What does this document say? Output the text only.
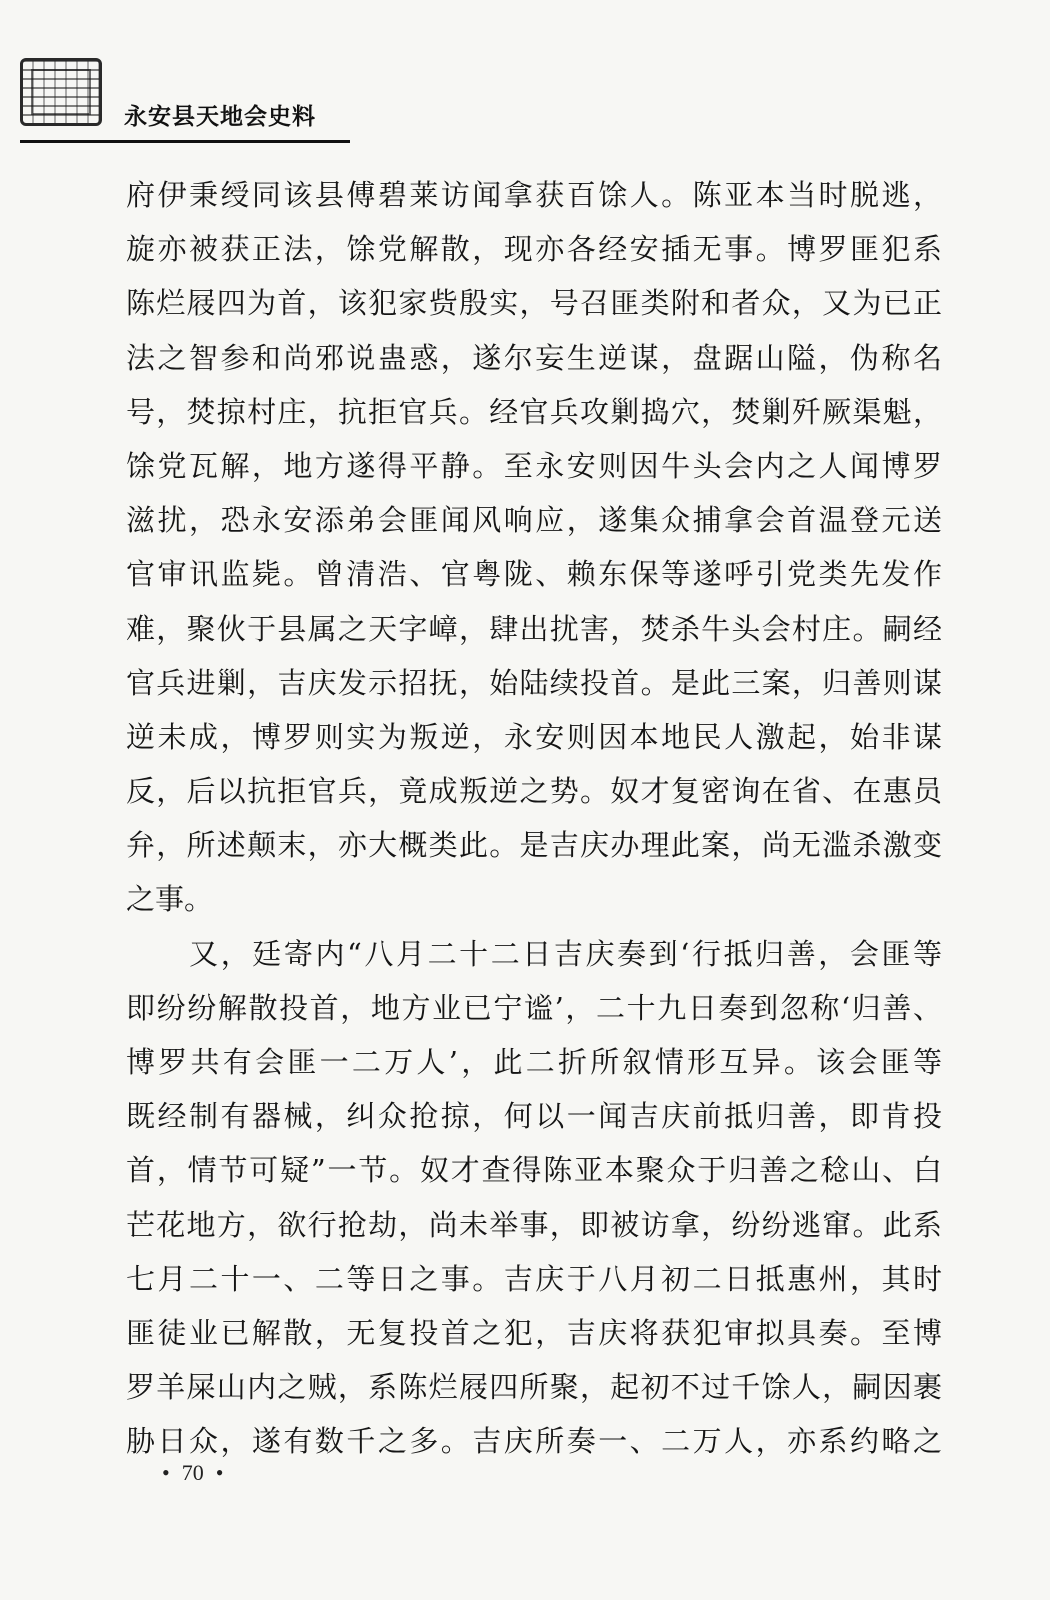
永安县天地会史料
府伊秉绶同该县傅碧莱访闻拿获百馀人。陈亚本当时脱逃，
旋亦被获正法，馀党解散，现亦各经安插无事。博罗匪犯系
陈烂屐四为首，该犯家赀殷实，号召匪类附和者众，又为已正
法之智参和尚邪说蛊惑，遂尔妄生逆谋，盘踞山隘，伪称名
号，焚掠村庄，抗拒官兵。经官兵攻剿捣穴，焚剿歼厥渠魁，
馀党瓦解，地方遂得平静。至永安则因牛头会内之人闻博罗
滋扰，恐永安添弟会匪闻风响应，遂集众捕拿会首温登元送
官审讯监毙。曾清浩、官粤陇、赖东保等遂呼引党类先发作
难，聚伙于县属之天字嶂，肆出扰害，焚杀牛头会村庄。嗣经
官兵进剿，吉庆发示招抚，始陆续投首。是此三案，归善则谋
逆未成，博罗则实为叛逆，永安则因本地民人激起，始非谋
反，后以抗拒官兵，竟成叛逆之势。奴才复密询在省、在惠员
弁，所述颠末，亦大概类此。是吉庆办理此案，尚无滥杀激变
之事。
　　又，廷寄内“八月二十二日吉庆奏到‘行抵归善，会匪等
即纷纷解散投首，地方业已宁谧’，二十九日奏到忽称‘归善、
博罗共有会匪一二万人’，此二折所叙情形互异。该会匪等
既经制有器械，纠众抢掠，何以一闻吉庆前抵归善，即肯投
首，情节可疑”一节。奴才查得陈亚本聚众于归善之稔山、白
芒花地方，欲行抢劫，尚未举事，即被访拿，纷纷逃窜。此系
七月二十一、二等日之事。吉庆于八月初二日抵惠州，其时
匪徒业已解散，无复投首之犯，吉庆将获犯审拟具奏。至博
罗羊屎山内之贼，系陈烂屐四所聚，起初不过千馀人，嗣因裹
胁日众，遂有数千之多。吉庆所奏一、二万人，亦系约略之
• 70 •
